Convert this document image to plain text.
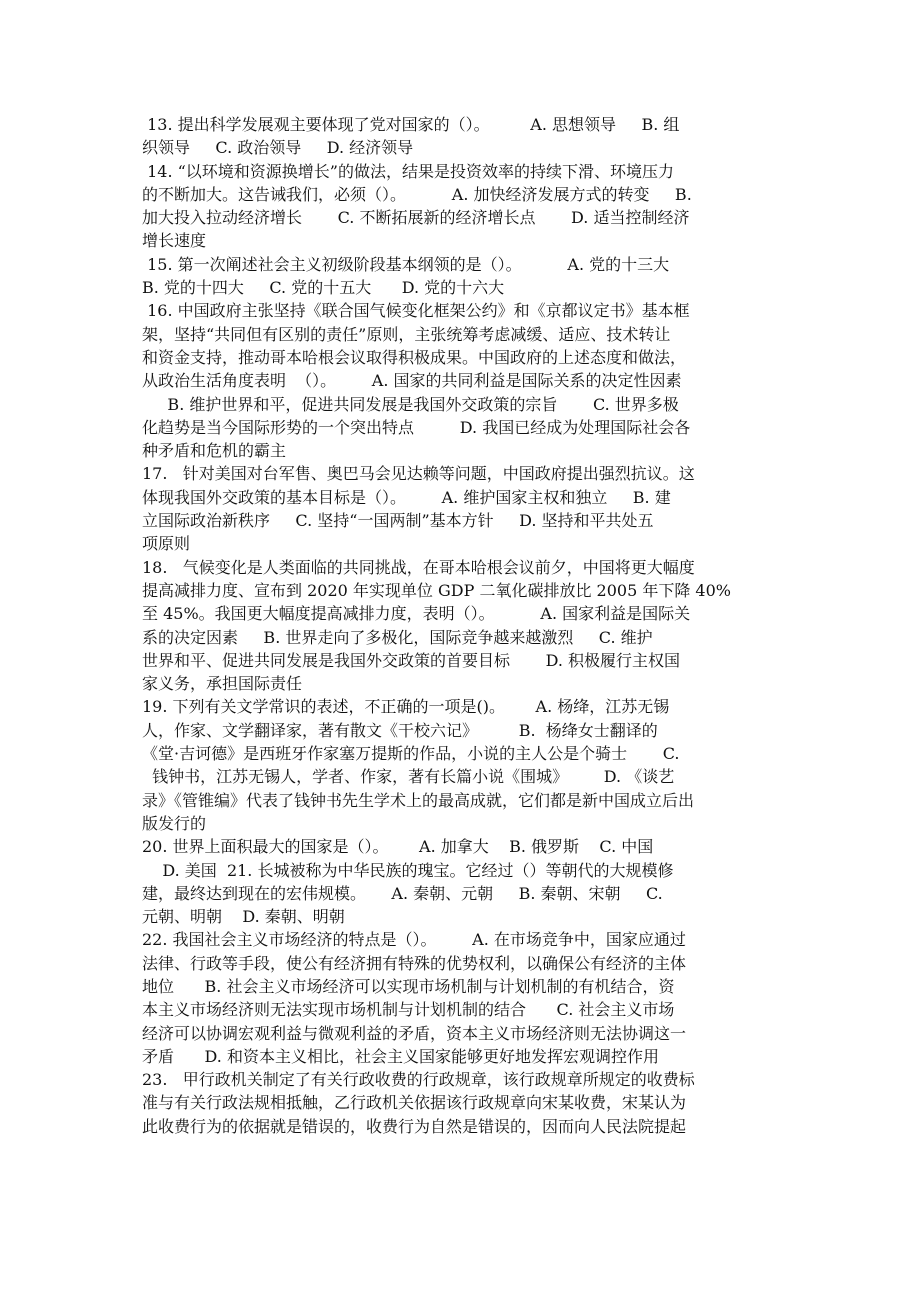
13. 提出科学发展观主要体现了党对国家的（）。        A. 思想领导     B. 组
织领导     C. 政治领导     D. 经济领导
14. “以环境和资源换增长”的做法，结果是投资效率的持续下滑、环境压力
的不断加大。这告诫我们，必须（）。         A. 加快经济发展方式的转变     B.
加大投入拉动经济增长       C. 不断拓展新的经济增长点       D. 适当控制经济
增长速度
15. 第一次阐述社会主义初级阶段基本纲领的是（）。         A. 党的十三大
B. 党的十四大     C. 党的十五大      D. 党的十六大
16. 中国政府主张坚持《联合国气候变化框架公约》和《京都议定书》基本框
架，坚持“共同但有区别的责任”原则，主张统筹考虑减缓、适应、技术转让
和资金支持，推动哥本哈根会议取得积极成果。中国政府的上述态度和做法，
从政治生活角度表明  （）。       A. 国家的共同利益是国际关系的决定性因素
B. 维护世界和平，促进共同发展是我国外交政策的宗旨       C. 世界多极
化趋势是当今国际形势的一个突出特点         D. 我国已经成为处理国际社会各
种矛盾和危机的霸主
17.   针对美国对台军售、奥巴马会见达赖等问题，中国政府提出强烈抗议。这
体现我国外交政策的基本目标是（）。       A. 维护国家主权和独立     B. 建
立国际政治新秩序     C. 坚持“一国两制”基本方针     D. 坚持和平共处五
项原则
18.   气候变化是人类面临的共同挑战，在哥本哈根会议前夕，中国将更大幅度
提高减排力度、宣布到 2020 年实现单位 GDP 二氧化碳排放比 2005 年下降 40%
至 45%。我国更大幅度提高减排力度，表明（）。         A. 国家利益是国际关
系的决定因素     B. 世界走向了多极化，国际竞争越来越激烈     C. 维护
世界和平、促进共同发展是我国外交政策的首要目标       D. 积极履行主权国
家义务，承担国际责任
19. 下列有关文学常识的表述，不正确的一项是()。      A. 杨绛，江苏无锡
人，作家、文学翻译家，著有散文《干校六记》        B.  杨绛女士翻译的
《堂·吉诃德》是西班牙作家塞万提斯的作品，小说的主人公是个骑士       C.
钱钟书，江苏无锡人，学者、作家，著有长篇小说《围城》       D. 《谈艺
录》《管锥编》代表了钱钟书先生学术上的最高成就，它们都是新中国成立后出
版发行的
20. 世界上面积最大的国家是（）。      A. 加拿大    B. 俄罗斯    C. 中国
D. 美国  21. 长城被称为中华民族的瑰宝。它经过（）等朝代的大规模修
建，最终达到现在的宏伟规模。     A. 秦朝、元朝     B. 秦朝、宋朝     C.
元朝、明朝    D. 秦朝、明朝
22. 我国社会主义市场经济的特点是（）。       A. 在市场竞争中，国家应通过
法律、行政等手段，使公有经济拥有特殊的优势权利，以确保公有经济的主体
地位      B. 社会主义市场经济可以实现市场机制与计划机制的有机结合，资
本主义市场经济则无法实现市场机制与计划机制的结合      C. 社会主义市场
经济可以协调宏观利益与微观利益的矛盾，资本主义市场经济则无法协调这一
矛盾      D. 和资本主义相比，社会主义国家能够更好地发挥宏观调控作用
23.   甲行政机关制定了有关行政收费的行政规章，该行政规章所规定的收费标
准与有关行政法规相抵触，乙行政机关依据该行政规章向宋某收费，宋某认为
此收费行为的依据就是错误的，收费行为自然是错误的，因而向人民法院提起
